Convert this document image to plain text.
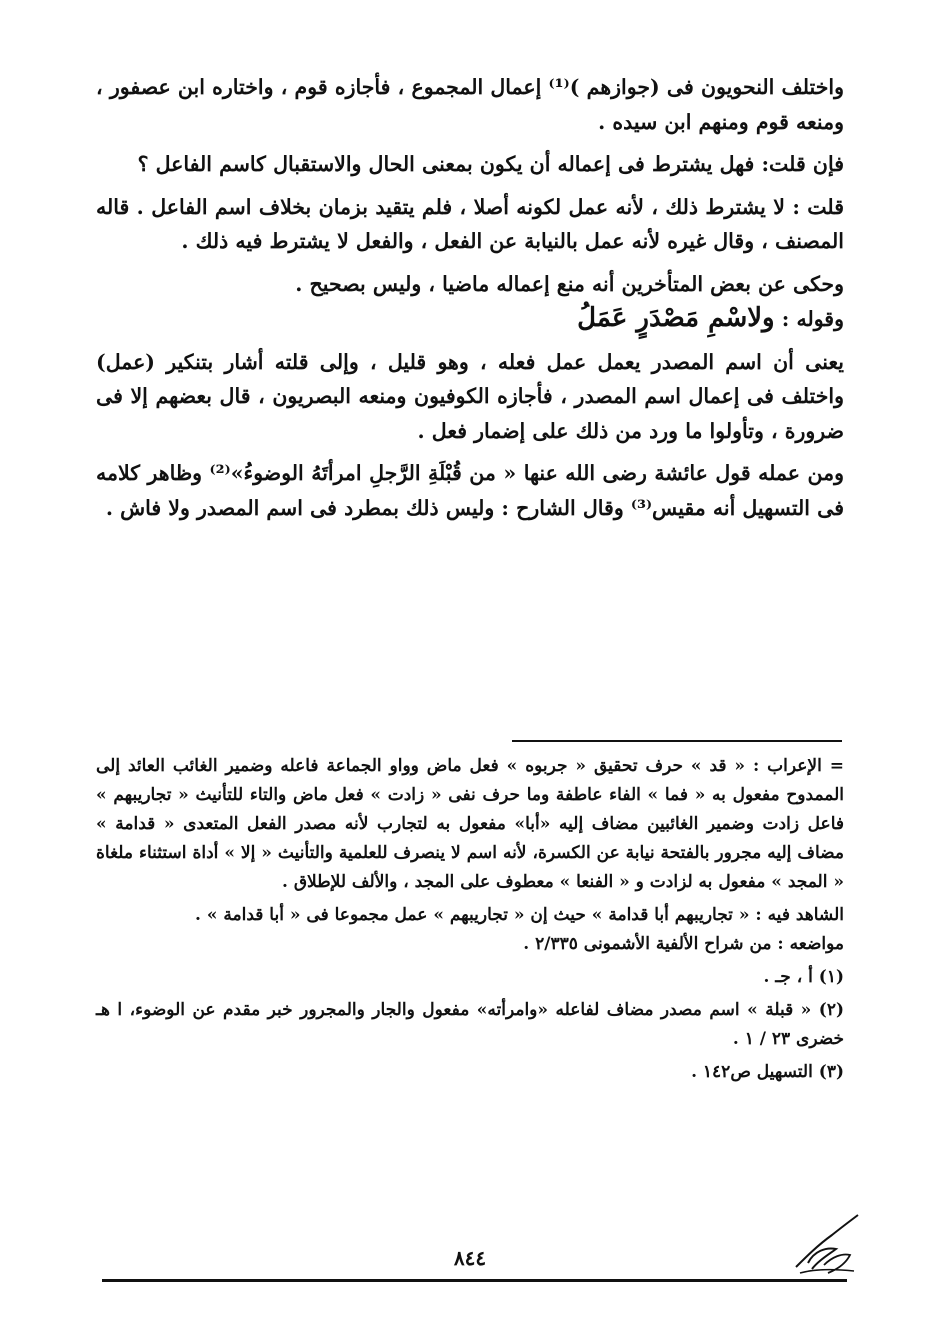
واختلف النحويون فى (جوازهم )⁽¹⁾ إعمال المجموع ، فأجازه قوم ، واختاره ابن عصفور ، ومنعه قوم ومنهم ابن سيده .

فإن قلت: فهل يشترط فى إعماله أن يكون بمعنى الحال والاستقبال كاسم الفاعل ؟

قلت : لا يشترط ذلك ، لأنه عمل لكونه أصلا ، فلم يتقيد بزمان بخلاف اسم الفاعل . قاله المصنف ، وقال غيره لأنه عمل بالنيابة عن الفعل ، والفعل لا يشترط فيه ذلك .

وحكى عن بعض المتأخرين أنه منع إعماله ماضيا ، وليس بصحيح .

وقوله : ولاسْمِ مَصْدَرٍ عَمَلُ

يعنى أن اسم المصدر يعمل عمل فعله ، وهو قليل ، وإلى قلته أشار بتنكير (عمل) واختلف فى إعمال اسم المصدر ، فأجازه الكوفيون ومنعه البصريون ، قال بعضهم إلا فى ضرورة ، وتأولوا ما ورد من ذلك على إضمار فعل .

ومن عمله قول عائشة رضى الله عنها « من قُبْلَةِ الرَّجلِ امرأتَهُ الوضوءُ»⁽²⁾ وظاهر كلامه فى التسهيل أنه مقيس⁽³⁾ وقال الشارح : وليس ذلك بمطرد فى اسم المصدر ولا فاش .

= الإعراب : « قد » حرف تحقيق « جربوه » فعل ماض وواو الجماعة فاعله وضمير الغائب العائد إلى الممدوح مفعول به « فما » الفاء عاطفة وما حرف نفى « زادت » فعل ماض والتاء للتأنيث « تجاريبهم » فاعل زادت وضمير الغائبين مضاف إليه «أبا» مفعول به لتجارب لأنه مصدر الفعل المتعدى « قدامة » مضاف إليه مجرور بالفتحة نيابة عن الكسرة، لأنه اسم لا ينصرف للعلمية والتأنيث « إلا » أداة استثناء ملغاة « المجد » مفعول به لزادت و « الفنعا » معطوف على المجد ، والألف للإطلاق .

الشاهد فيه : « تجاريبهم أبا قدامة » حيث إن « تجاريبهم » عمل مجموعا فى « أبا قدامة » .

مواضعه : من شراح الألفية الأشمونى ٢/٣٣٥ .

(١) أ ، جـ .

(٢) « قبلة » اسم مصدر مضاف لفاعله «وامرأته» مفعول والجار والمجرور خبر مقدم عن الوضوء، ا هـ خضرى ٢٣ / ١ .

(٣) التسهيل ص١٤٢ .

٨٤٤
